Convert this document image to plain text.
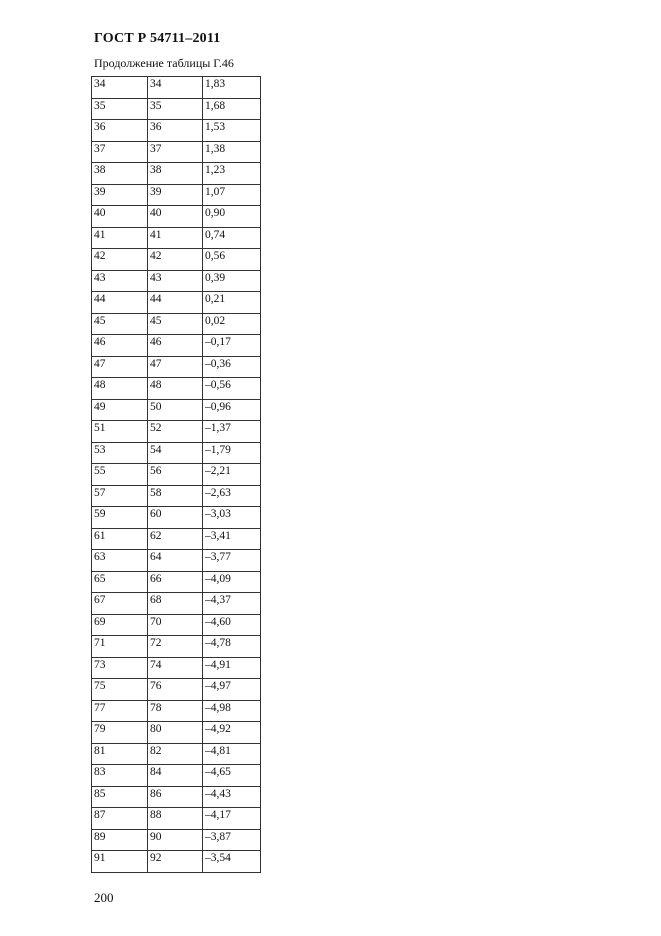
ГОСТ Р 54711–2011
Продолжение таблицы Г.46
34	34	1,83
35	35	1,68
36	36	1,53
37	37	1,38
38	38	1,23
39	39	1,07
40	40	0,90
41	41	0,74
42	42	0,56
43	43	0,39
44	44	0,21
45	45	0,02
46	46	–0,17
47	47	–0,36
48	48	–0,56
49	50	–0,96
51	52	–1,37
53	54	–1,79
55	56	–2,21
57	58	–2,63
59	60	–3,03
61	62	–3,41
63	64	–3,77
65	66	–4,09
67	68	–4,37
69	70	–4,60
71	72	–4,78
73	74	–4,91
75	76	–4,97
77	78	–4,98
79	80	–4,92
81	82	–4,81
83	84	–4,65
85	86	–4,43
87	88	–4,17
89	90	–3,87
91	92	–3,54
200
